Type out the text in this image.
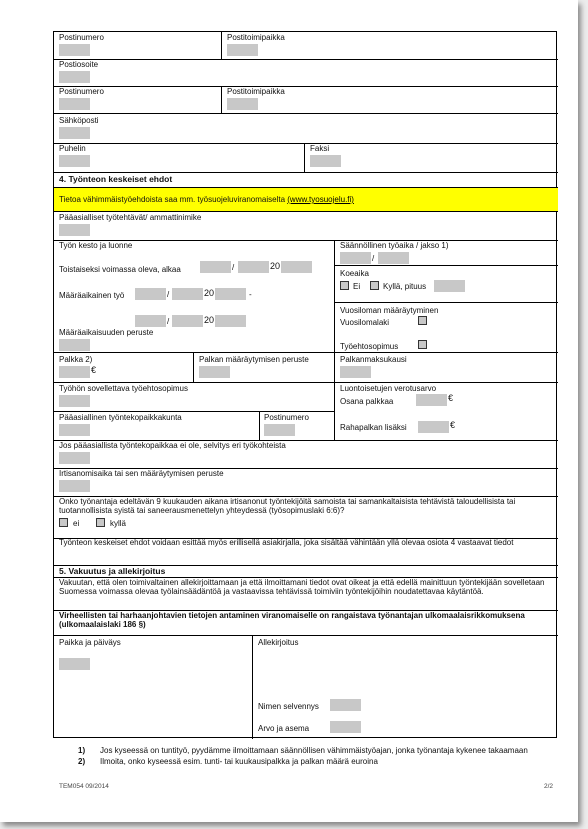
Postinumero	Postitoimipaikka
Postiosoite
Postinumero	Postitoimipaikka
Sähköposti
Puhelin	Faksi
4. Työnteon keskeiset ehdot
Tietoa vähimmäistyöehdoista saa mm. työsuojeluviranomaiselta (www.tyosuojelu.fi)
Pääasialliset työtehtävät/ ammattinimike
Työn kesto ja luonne
Toistaiseksi voimassa oleva, alkaa	/	20
Määräaikainen työ	/	20	-
/	20
Määräaikaisuuden peruste
Säännöllinen työaika / jakso 1)
/
Koeaika
Ei	Kyllä, pituus
Vuosiloman määräytyminen
Vuosilomalaki
Työehtosopimus
Palkka 2)
€
Palkan määräytymisen peruste	Palkanmaksukausi
Työhön sovellettava työehtosopimus	Luontoisetujen verotusarvo
Osana palkkaa	€
Rahapalkan lisäksi	€
Pääasiallinen työntekopaikkakunta	Postinumero
Jos pääasiallista työntekopaikkaa ei ole, selvitys eri työkohteista
Irtisanomisaika tai sen määräytymisen peruste
Onko työnantaja edeltävän 9 kuukauden aikana irtisanonut työntekijöitä samoista tai samankaltaisista tehtävistä taloudellisista tai tuotannollisista syistä tai saneerausmenettelyn yhteydessä (työsopimuslaki 6:6)?
ei	kyllä
Työnteon keskeiset ehdot voidaan esittää myös erillisellä asiakirjalla, joka sisältää vähintään yllä olevaa osiota 4 vastaavat tiedot
5. Vakuutus ja allekirjoitus
Vakuutan, että olen toimivaltainen allekirjoittamaan ja että ilmoittamani tiedot ovat oikeat ja että edellä mainittuun työntekijään sovelletaan Suomessa voimassa olevaa työlainsäädäntöä ja vastaavissa tehtävissä toimiviin työntekijöihin noudatettavaa käytäntöä.
Virheellisten tai harhaanjohtavien tietojen antaminen viranomaiselle on rangaistava työnantajan ulkomaalaisrikkomuksena (ulkomaalaislaki 186 §)
Paikka ja päiväys	Allekirjoitus
Nimen selvennys
Arvo ja asema
1) Jos kyseessä on tuntityö, pyydämme ilmoittamaan säännöllisen vähimmäistyöajan, jonka työnantaja kykenee takaamaan
2) Ilmoita, onko kyseessä esim. tunti- tai kuukausipalkka ja palkan määrä euroina
TEM054 09/2014	2/2
